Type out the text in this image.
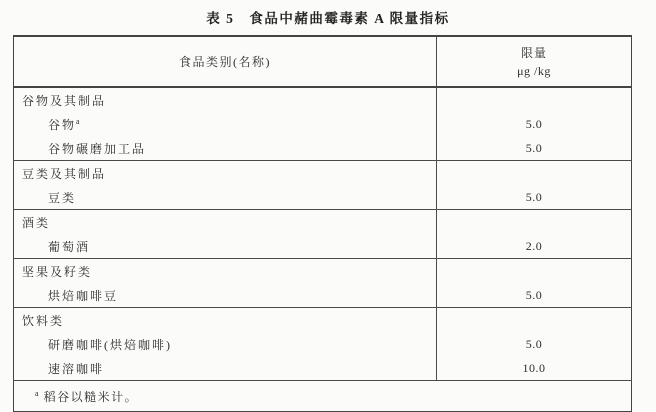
表 5　食品中赭曲霉毒素 A 限量指标
食品类别(名称)	限量
μg /kg

谷物及其制品	
谷物$^a$	5.0
谷物碾磨加工品	5.0
豆类及其制品	
豆类	5.0
酒类	
葡萄酒	2.0
坚果及籽类	
烘焙咖啡豆	5.0
饮料类	
研磨咖啡(烘焙咖啡)	5.0
速溶咖啡	10.0
$^a$ 稻谷以糙米计。	
